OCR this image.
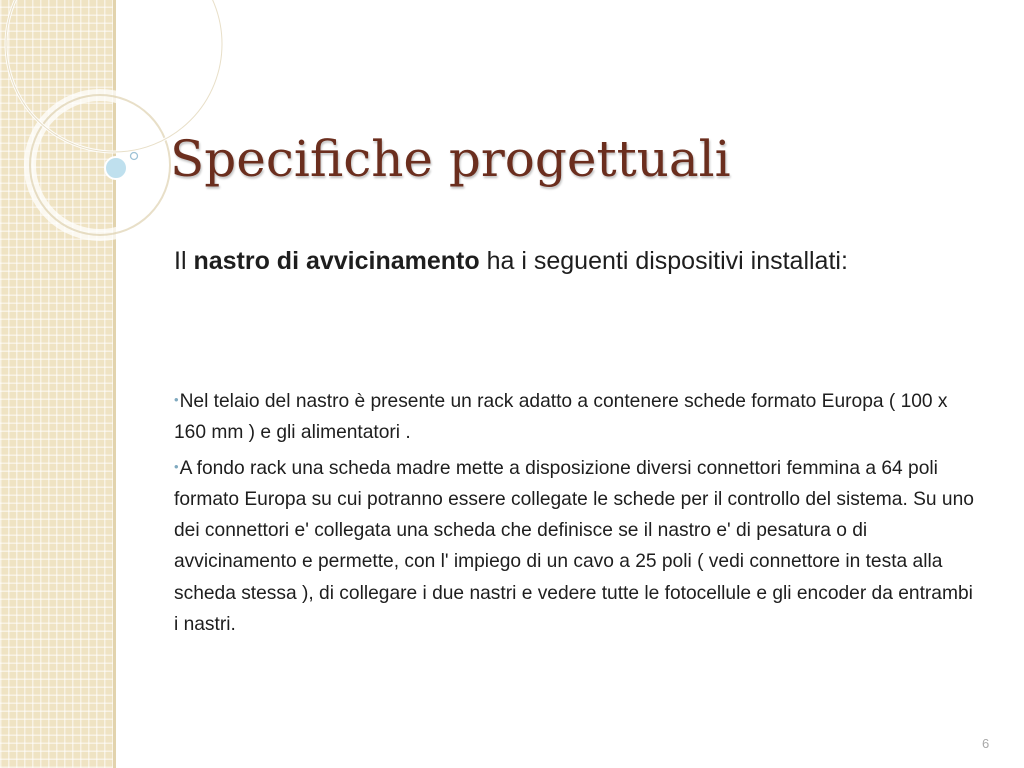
Specifiche progettuali

Il nastro di avvicinamento ha i seguenti dispositivi installati:

•Nel telaio del nastro è presente un rack adatto a contenere schede formato Europa ( 100 x 160 mm ) e gli alimentatori .
•A fondo rack una scheda madre mette a disposizione diversi connettori femmina a 64 poli formato Europa su cui potranno essere collegate le schede per il controllo del sistema. Su uno dei connettori e' collegata una scheda che definisce se il nastro e' di pesatura o di avvicinamento e permette, con l' impiego di un cavo a 25 poli ( vedi connettore in testa alla scheda stessa ), di collegare i due nastri e vedere tutte le fotocellule e gli encoder da entrambi i nastri.
6
